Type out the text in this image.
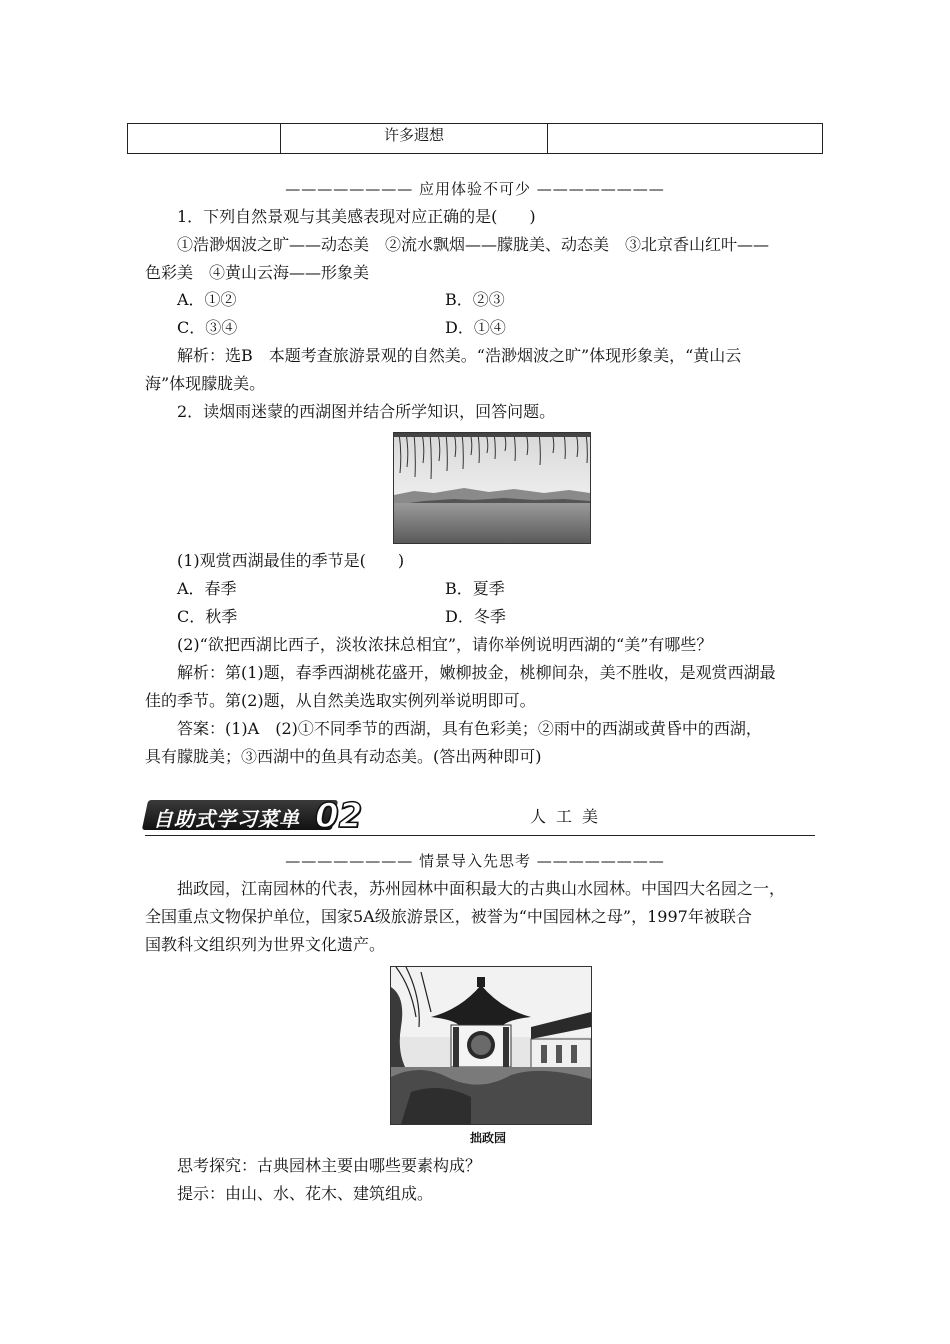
许多遐想
———————— 应用体验不可少 ————————
1．下列自然景观与其美感表现对应正确的是(　　)
①浩渺烟波之旷——动态美　②流水飘烟——朦胧美、动态美　③北京香山红叶——
色彩美　④黄山云海——形象美
A．①②	B．②③
C．③④	D．①④
解析：选B　本题考查旅游景观的自然美。“浩渺烟波之旷”体现形象美，“黄山云
海”体现朦胧美。
2．读烟雨迷蒙的西湖图并结合所学知识，回答问题。
(1)观赏西湖最佳的季节是(　　)
A．春季	B．夏季
C．秋季	D．冬季
(2)“欲把西湖比西子，淡妆浓抹总相宜”，请你举例说明西湖的“美”有哪些？
解析：第(1)题，春季西湖桃花盛开，嫩柳披金，桃柳间杂，美不胜收，是观赏西湖最
佳的季节。第(2)题，从自然美选取实例列举说明即可。
答案：(1)A　(2)①不同季节的西湖，具有色彩美；②雨中的西湖或黄昏中的西湖，
具有朦胧美；③西湖中的鱼具有动态美。(答出两种即可)
自助式学习菜单 02	人工美
———————— 情景导入先思考 ————————
拙政园，江南园林的代表，苏州园林中面积最大的古典山水园林。中国四大名园之一，
全国重点文物保护单位，国家5A级旅游景区，被誉为“中国园林之母”，1997年被联合
国教科文组织列为世界文化遗产。
拙政园
思考探究：古典园林主要由哪些要素构成？
提示：由山、水、花木、建筑组成。
